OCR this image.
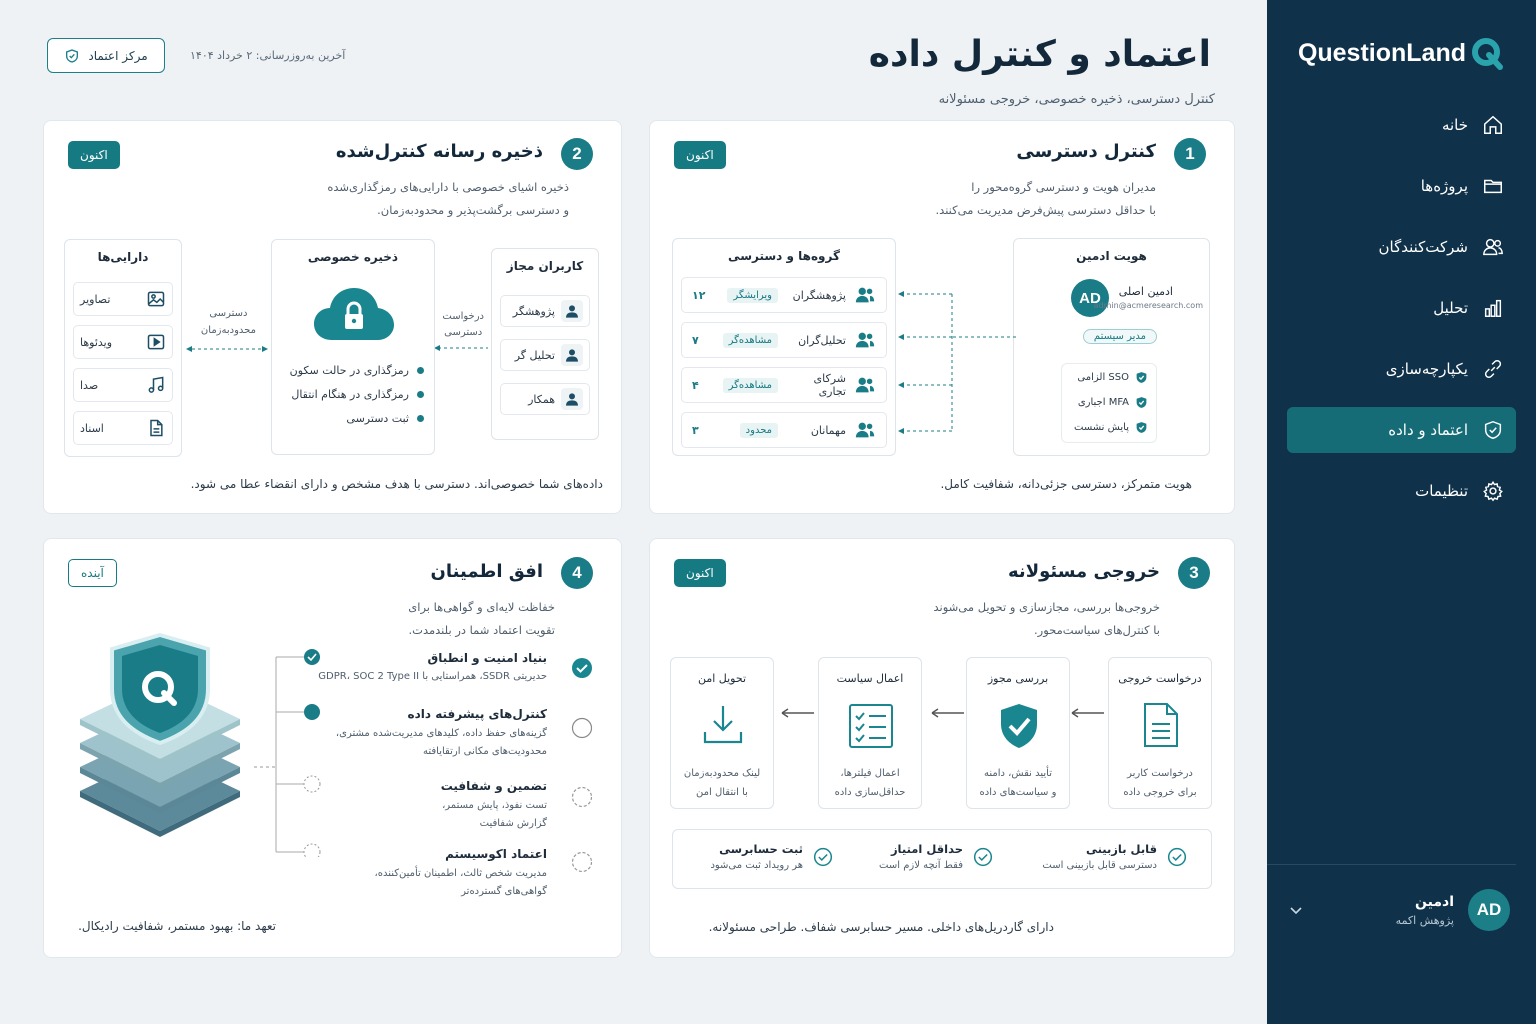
QuestionLand
خانه
پروژه‌ها
شرکت‌کنندگان
تحلیل
یکپارچه‌سازی
اعتماد و داده
تنظیمات
AD
ادمین
پژوهش اکمه
اعتماد و کنترل داده
کنترل دسترسی، ذخیره خصوصی، خروجی مسئولانه
آخرین به‌روزرسانی: ۲ خرداد ۱۴۰۴
مرکز اعتماد
اکنون	1
کنترل دسترسی
مدیران هویت و دسترسی گروه‌محور را
با حداقل دسترسی پیش‌فرض مدیریت می‌کنند.
هویت ادمین
AD	ادمین اصلی
admin@acmeresearch.com
مدیر سیستم
SSO الزامی
MFA اجباری
پایش نشست
گروه‌ها و دسترسی
پژوهشگران
ویرایشگر
۱۲
تحلیل‌گران
مشاهده‌گر
۷
شرکای تجاری
مشاهده‌گر
۴
مهمانان
محدود
۳
هویت متمرکز، دسترسی جزئی‌دانه، شفافیت کامل.
اکنون	2
ذخیره رسانه کنترل‌شده
ذخیره اشیای خصوصی با دارایی‌های رمزگذاری‌شده
و دسترسی برگشت‌پذیر و محدودبه‌زمان.
کاربران مجاز
پژوهشگر
تحلیل گر
همکار
درخواست
دسترسی
ذخیره خصوصی
رمزگذاری در حالت سکون
رمزگذاری در هنگام انتقال
ثبت دسترسی
دسترسی
محدودبه‌زمان
دارایی‌ها
تصاویر
ویدئوها
صدا
اسناد
داده‌های شما خصوصی‌اند. دسترسی با هدف مشخص و دارای انقضاء عطا می شود.
اکنون	3
خروجی مسئولانه
خروجی‌ها بررسی، مجازسازی و تحویل می‌شوند
با کنترل‌های سیاست‌محور.
درخواست خروجی
درخواست کاربر
برای خروجی داده
بررسی مجوز
تأیید نقش، دامنه
و سیاست‌های داده
اعمال سیاست
اعمال فیلترها،
حداقل‌سازی داده
تحویل امن
لینک محدودبه‌زمان
با انتقال امن
قابل بازبینی
دسترسی قابل بازبینی است
حداقل امتیاز
فقط آنچه لازم است
ثبت حسابرسی
هر رویداد ثبت می‌شود
دارای گاردریل‌های داخلی. مسیر حسابرسی شفاف. طراحی مسئولانه.
آینده	4
افق اطمینان
خفاظت لایه‌ای و گواهی‌ها برای
تقویت اعتماد شما در بلندمدت.
بنیاد امنیت و انطباق
حدیریتی SSDR، همراستایی با GDPR، SOC 2 Type II
کنترل‌های پیشرفته داده
گزینه‌های حفظ داده، کلیدهای مدیریت‌شده مشتری،
محدودیت‌های مکانی ارتقایافته
تضمین و شفافیت
تست نفوذ، پایش مستمر،
گزارش شفافیت
اعتماد اکوسیستم
مدیریت شخص ثالث، اطمینان تأمین‌کننده،
گواهی‌های گسترده‌تر
تعهد ما: بهبود مستمر، شفافیت رادیکال.
